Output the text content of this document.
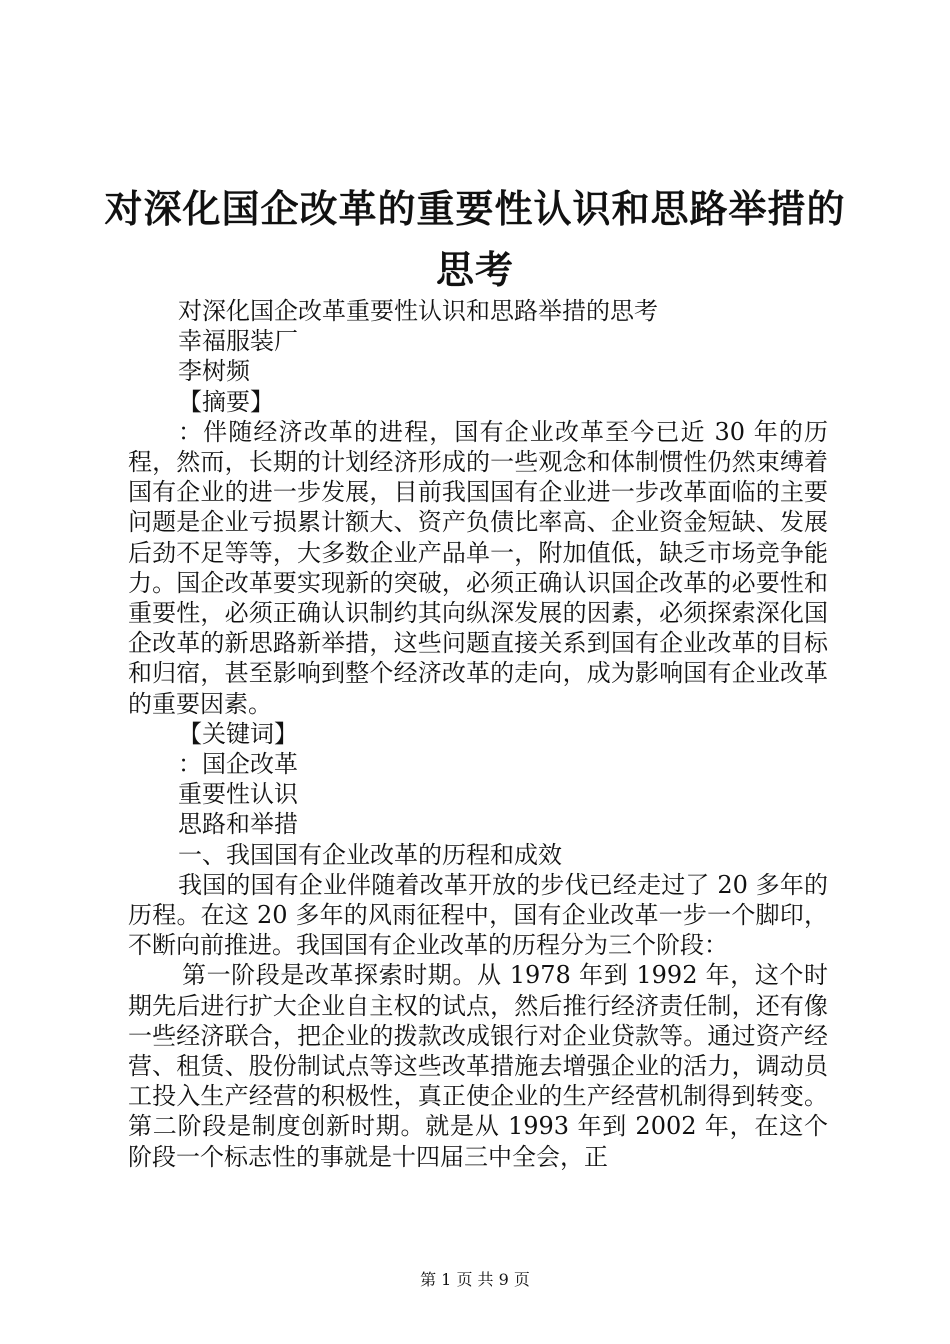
对深化国企改革的重要性认识和思路举措的思考

对深化国企改革重要性认识和思路举措的思考

幸福服装厂

李树频

【摘要】

：伴随经济改革的进程，国有企业改革至今已近 30 年的历程，然而，长期的计划经济形成的一些观念和体制惯性仍然束缚着国有企业的进一步发展，目前我国国有企业进一步改革面临的主要问题是企业亏损累计额大、资产负债比率高、企业资金短缺、发展后劲不足等等，大多数企业产品单一，附加值低，缺乏市场竞争能力。国企改革要实现新的突破，必须正确认识国企改革的必要性和重要性，必须正确认识制约其向纵深发展的因素，必须探索深化国企改革的新思路新举措，这些问题直接关系到国有企业改革的目标和归宿，甚至影响到整个经济改革的走向，成为影响国有企业改革的重要因素。

【关键词】

：国企改革

重要性认识

思路和举措

一、我国国有企业改革的历程和成效

我国的国有企业伴随着改革开放的步伐已经走过了 20 多年的历程。在这 20 多年的风雨征程中，国有企业改革一步一个脚印，不断向前推进。我国国有企业改革的历程分为三个阶段：

第一阶段是改革探索时期。从 1978 年到 1992 年，这个时期先后进行扩大企业自主权的试点，然后推行经济责任制，还有像一些经济联合，把企业的拨款改成银行对企业贷款等。通过资产经营、租赁、股份制试点等这些改革措施去增强企业的活力，调动员工投入生产经营的积极性，真正使企业的生产经营机制得到转变。第二阶段是制度创新时期。就是从 1993 年到 2002 年，在这个阶段一个标志性的事就是十四届三中全会，正

第 1 页 共 9 页
